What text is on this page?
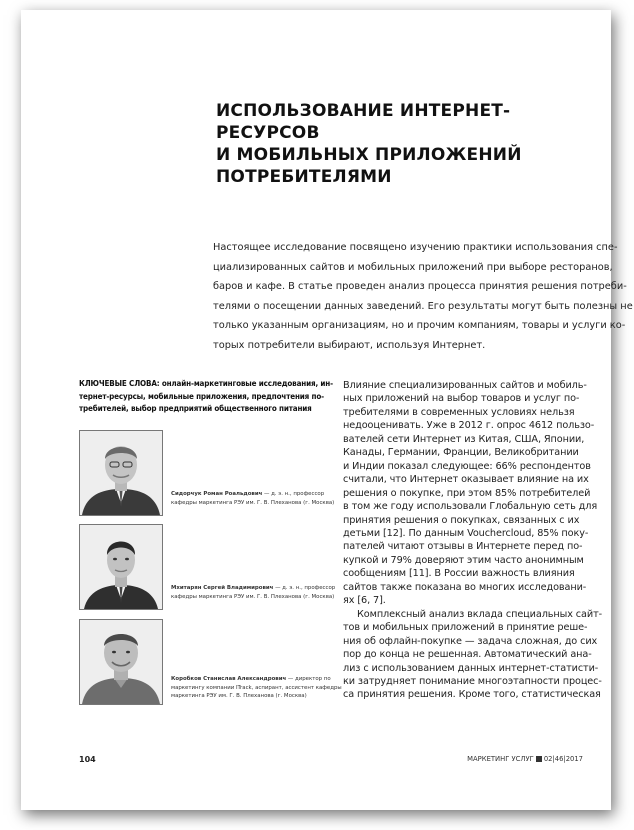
ИСПОЛЬЗОВАНИЕ ИНТЕРНЕТ-РЕСУРСОВ
И МОБИЛЬНЫХ ПРИЛОЖЕНИЙ
ПОТРЕБИТЕЛЯМИ
Настоящее исследование посвящено изучению практики использования спе-
циализированных сайтов и мобильных приложений при выборе ресторанов,
баров и кафе. В статье проведен анализ процесса принятия решения потреби-
телями о посещении данных заведений. Его результаты могут быть полезны не
только указанным организациям, но и прочим компаниям, товары и услуги ко-
торых потребители выбирают, используя Интернет.
КЛЮЧЕВЫЕ СЛОВА: онлайн-маркетинговые исследования, ин-
тернет-ресурсы, мобильные приложения, предпочтения по-
требителей, выбор предприятий общественного питания
Сидорчук Роман Роальдович — д. э. н., профессор
кафедры маркетинга РЭУ им. Г. В. Плеханова (г. Москва)
Мхитарян Сергей Владимирович — д. э. н., профессор
кафедры маркетинга РЭУ им. Г. В. Плеханова (г. Москва)
Коробков Станислав Александрович — директор по
маркетингу компании ITrack, аспирант, ассистент кафедры
маркетинга РЭУ им. Г. В. Плеханова (г. Москва)
Влияние специализированных сайтов и мобиль-
ных приложений на выбор товаров и услуг по-
требителями в современных условиях нельзя
недооценивать. Уже в 2012 г. опрос 4612 пользо-
вателей сети Интернет из Китая, США, Японии,
Канады, Германии, Франции, Великобритании
и Индии показал следующее: 66% респондентов
считали, что Интернет оказывает влияние на их
решения о покупке, при этом 85% потребителей
в том же году использовали Глобальную сеть для
принятия решения о покупках, связанных с их
детьми [12]. По данным Vouchercloud, 85% поку-
пателей читают отзывы в Интернете перед по-
купкой и 79% доверяют этим часто анонимным
сообщениям [11]. В России важность влияния
сайтов также показана во многих исследовани-
ях [6, 7].
Комплексный анализ вклада специальных сайт-
тов и мобильных приложений в принятие реше-
ния об офлайн-покупке — задача сложная, до сих
пор до конца не решенная. Автоматический ана-
лиз с использованием данных интернет-статисти-
ки затрудняет понимание многоэтапности процес-
са принятия решения. Кроме того, статистическая
104	МАРКЕТИНГ УСЛУГ 02|46|2017
